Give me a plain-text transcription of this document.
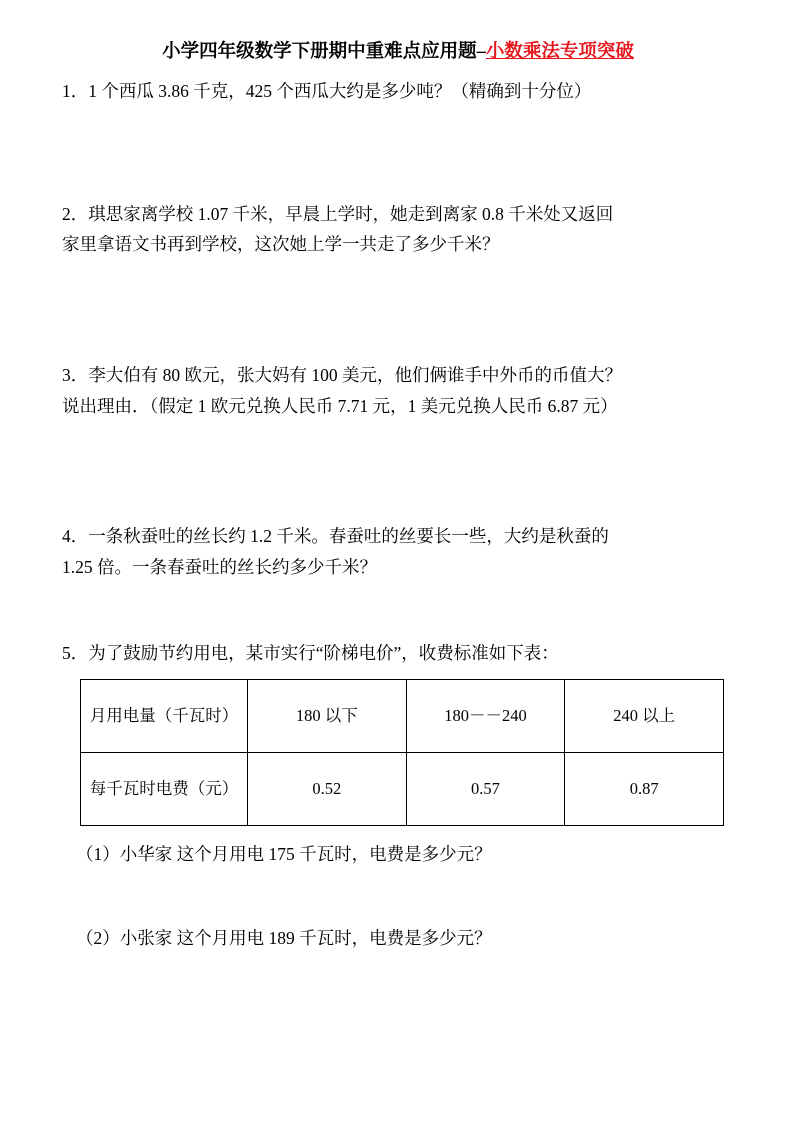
小学四年级数学下册期中重难点应用题–小数乘法专项突破

1．1 个西瓜 3.86 千克，425 个西瓜大约是多少吨？（精确到十分位）

2．琪思家离学校 1.07 千米，早晨上学时，她走到离家 0.8 千米处又返回
家里拿语文书再到学校，这次她上学一共走了多少千米？

3．李大伯有 80 欧元，张大妈有 100 美元，他们俩谁手中外币的币值大？
说出理由．（假定 1 欧元兑换人民币 7.71 元，1 美元兑换人民币 6.87 元）

4．一条秋蚕吐的丝长约 1.2 千米。春蚕吐的丝要长一些，大约是秋蚕的
1.25 倍。一条春蚕吐的丝长约多少千米？

5．为了鼓励节约用电，某市实行“阶梯电价”，收费标准如下表：

月用电量（千瓦时）	180 以下	180－－240	240 以上
每千瓦时电费（元）	0.52	0.57	0.87

（1）小华家 这个月用电 175 千瓦时，电费是多少元？

（2）小张家 这个月用电 189 千瓦时，电费是多少元？
